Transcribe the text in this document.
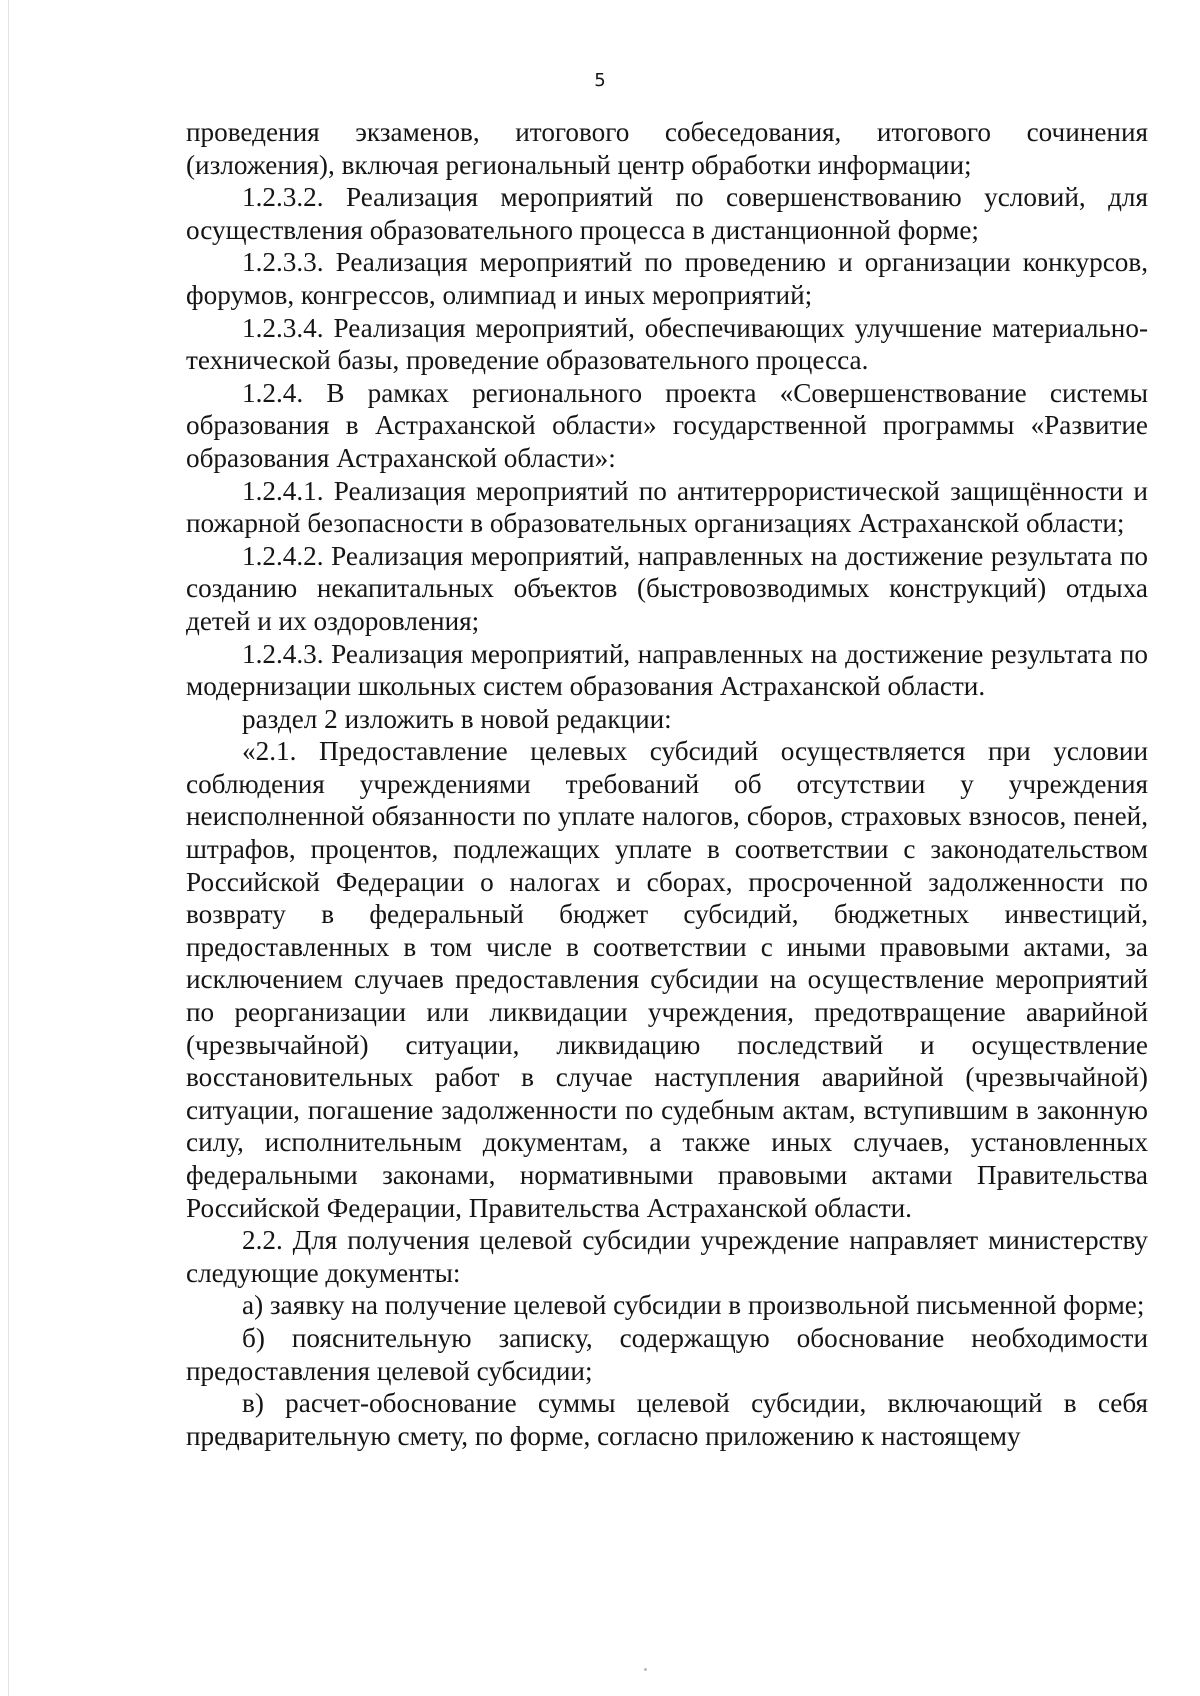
5

проведения экзаменов, итогового собеседования, итогового сочинения (изложения), включая региональный центр обработки информации;

1.2.3.2. Реализация мероприятий по совершенствованию условий, для осуществления образовательного процесса в дистанционной форме;

1.2.3.3. Реализация мероприятий по проведению и организации конкурсов, форумов, конгрессов, олимпиад и иных мероприятий;

1.2.3.4. Реализация мероприятий, обеспечивающих улучшение материально-технической базы, проведение образовательного процесса.

1.2.4. В рамках регионального проекта «Совершенствование системы образования в Астраханской области» государственной программы «Развитие образования Астраханской области»:

1.2.4.1. Реализация мероприятий по антитеррористической защищённости и пожарной безопасности в образовательных организациях Астраханской области;

1.2.4.2. Реализация мероприятий, направленных на достижение результата по созданию некапитальных объектов (быстровозводимых конструкций) отдыха детей и их оздоровления;

1.2.4.3. Реализация мероприятий, направленных на достижение результата по модернизации школьных систем образования Астраханской области.

раздел 2 изложить в новой редакции:

«2.1. Предоставление целевых субсидий осуществляется при условии соблюдения учреждениями требований об отсутствии у учреждения неисполненной обязанности по уплате налогов, сборов, страховых взносов, пеней, штрафов, процентов, подлежащих уплате в соответствии с законодательством Российской Федерации о налогах и сборах, просроченной задолженности по возврату в федеральный бюджет субсидий, бюджетных инвестиций, предоставленных в том числе в соответствии с иными правовыми актами, за исключением случаев предоставления субсидии на осуществление мероприятий по реорганизации или ликвидации учреждения, предотвращение аварийной (чрезвычайной) ситуации, ликвидацию последствий и осуществление восстановительных работ в случае наступления аварийной (чрезвычайной) ситуации, погашение задолженности по судебным актам, вступившим в законную силу, исполнительным документам, а также иных случаев, установленных федеральными законами, нормативными правовыми актами Правительства Российской Федерации, Правительства Астраханской области.

2.2. Для получения целевой субсидии учреждение направляет министерству следующие документы:

а) заявку на получение целевой субсидии в произвольной письменной форме;

б) пояснительную записку, содержащую обоснование необходимости предоставления целевой субсидии;

в) расчет-обоснование суммы целевой субсидии, включающий в себя предварительную смету, по форме, согласно приложению к настоящему
